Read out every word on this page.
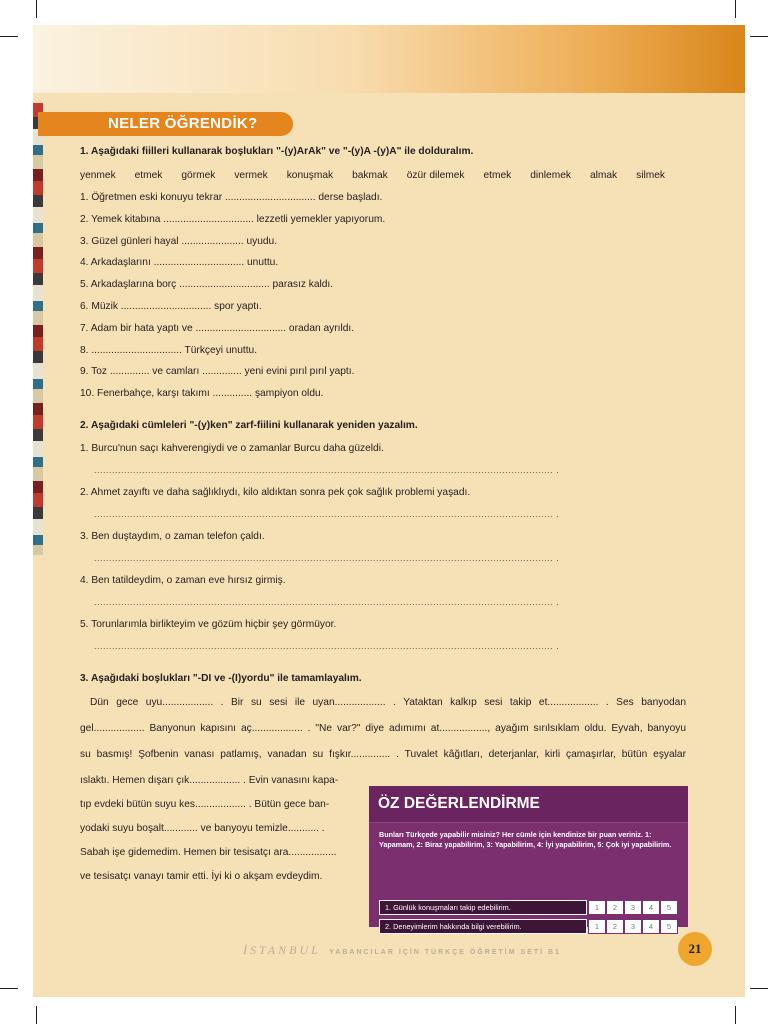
NELER ÖĞRENDİK?
1. Aşağıdaki fiilleri kullanarak boşlukları "-(y)ArAk" ve "-(y)A -(y)A" ile dolduralım.
yenmek etmek görmek vermek konuşmak bakmak özür dilemek etmek dinlemek almak silmek
1. Öğretmen eski konuyu tekrar ................................ derse başladı.
2. Yemek kitabına ................................ lezzetli yemekler yapıyorum.
3. Güzel günleri hayal ...................... uyudu.
4. Arkadaşlarını ................................ unuttu.
5. Arkadaşlarına borç ................................ parasız kaldı.
6. Müzik ................................ spor yaptı.
7. Adam bir hata yaptı ve ................................ oradan ayrıldı.
8. ................................ Türkçeyi unuttu.
9. Toz .............. ve camları .............. yeni evini pırıl pırıl yaptı.
10. Fenerbahçe, karşı takımı .............. şampiyon oldu.
2. Aşağıdaki cümleleri "-(y)ken" zarf-fiilini kullanarak yeniden yazalım.
1. Burcu'nun saçı kahverengiydi ve o zamanlar Burcu daha güzeldi.
......................................................................................................................................................... .
2. Ahmet zayıftı ve daha sağlıklıydı, kilo aldıktan sonra pek çok sağlık problemi yaşadı.
......................................................................................................................................................... .
3. Ben duştaydım, o zaman telefon çaldı.
......................................................................................................................................................... .
4. Ben tatildeydim, o zaman eve hırsız girmiş.
......................................................................................................................................................... .
5. Torunlarımla birlikteyim ve gözüm hiçbir şey görmüyor.
......................................................................................................................................................... .
3. Aşağıdaki boşlukları "-DI ve -(I)yordu" ile tamamlayalım.
Dün gece uyu.................. . Bir su sesi ile uyan.................. . Yataktan kalkıp sesi takip et.................. . Ses banyodan
gel.................. Banyonun kapısını aç.................. . "Ne var?" diye adımımı at................., ayağım sırılsıklam oldu. Eyvah, banyoyu
su basmış! Şofbenin vanası patlamış, vanadan su fışkır.............. . Tuvalet kâğıtları, deterjanlar, kirli çamaşırlar, bütün eşyalar
ıslaktı. Hemen dışarı çık.................. . Evin vanasını kapa-
tıp evdeki bütün suyu kes.................. . Bütün gece ban-
yodaki suyu boşalt............ ve banyoyu temizle........... .
Sabah işe gidemedim. Hemen bir tesisatçı ara.................
ve tesisatçı vanayı tamir etti. İyi ki o akşam evdeydim.
ÖZ DEĞERLENDİRME
Bunları Türkçede yapabilir misiniz? Her cümle için kendinize bir puan veriniz. 1: Yapamam, 2: Biraz yapabilirim, 3: Yapabilirim, 4: İyi yapabilirim, 5: Çok iyi yapabilirim.
1. Günlük konuşmaları takip edebilirim.	1	2	3	4	5
2. Deneyimlerim hakkında bilgi verebilirim.	1	2	3	4	5
İSTANBUL YABANCILAR İÇİN TÜRKÇE ÖĞRETİM SETİ B1	21
